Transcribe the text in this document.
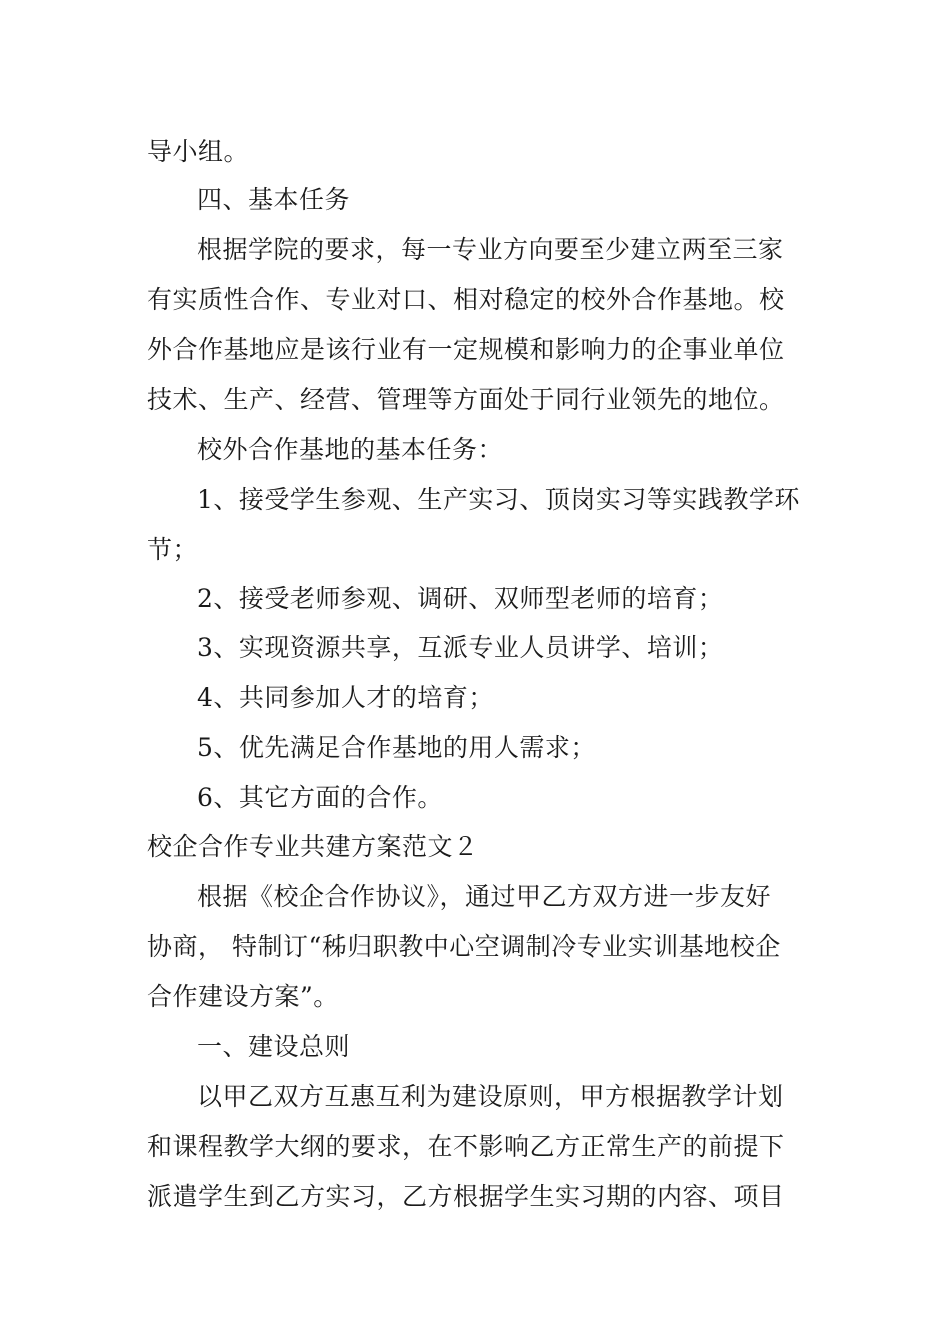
导小组。
四、基本任务
根据学院的要求，每一专业方向要至少建立两至三家
有实质性合作、专业对口、相对稳定的校外合作基地。校
外合作基地应是该行业有一定规模和影响力的企事业单位
技术、生产、经营、管理等方面处于同行业领先的地位。
校外合作基地的基本任务：
1、接受学生参观、生产实习、顶岗实习等实践教学环
节；
2、接受老师参观、调研、双师型老师的培育；
3、实现资源共享，互派专业人员讲学、培训；
4、共同参加人才的培育；
5、优先满足合作基地的用人需求；
6、其它方面的合作。
校企合作专业共建方案范文２
根据《校企合作协议》，通过甲乙方双方进一步友好
协商， 特制订“秭归职教中心空调制冷专业实训基地校企
合作建设方案”。
一、建设总则
以甲乙双方互惠互利为建设原则，甲方根据教学计划
和课程教学大纲的要求，在不影响乙方正常生产的前提下
派遣学生到乙方实习，乙方根据学生实习期的内容、项目
